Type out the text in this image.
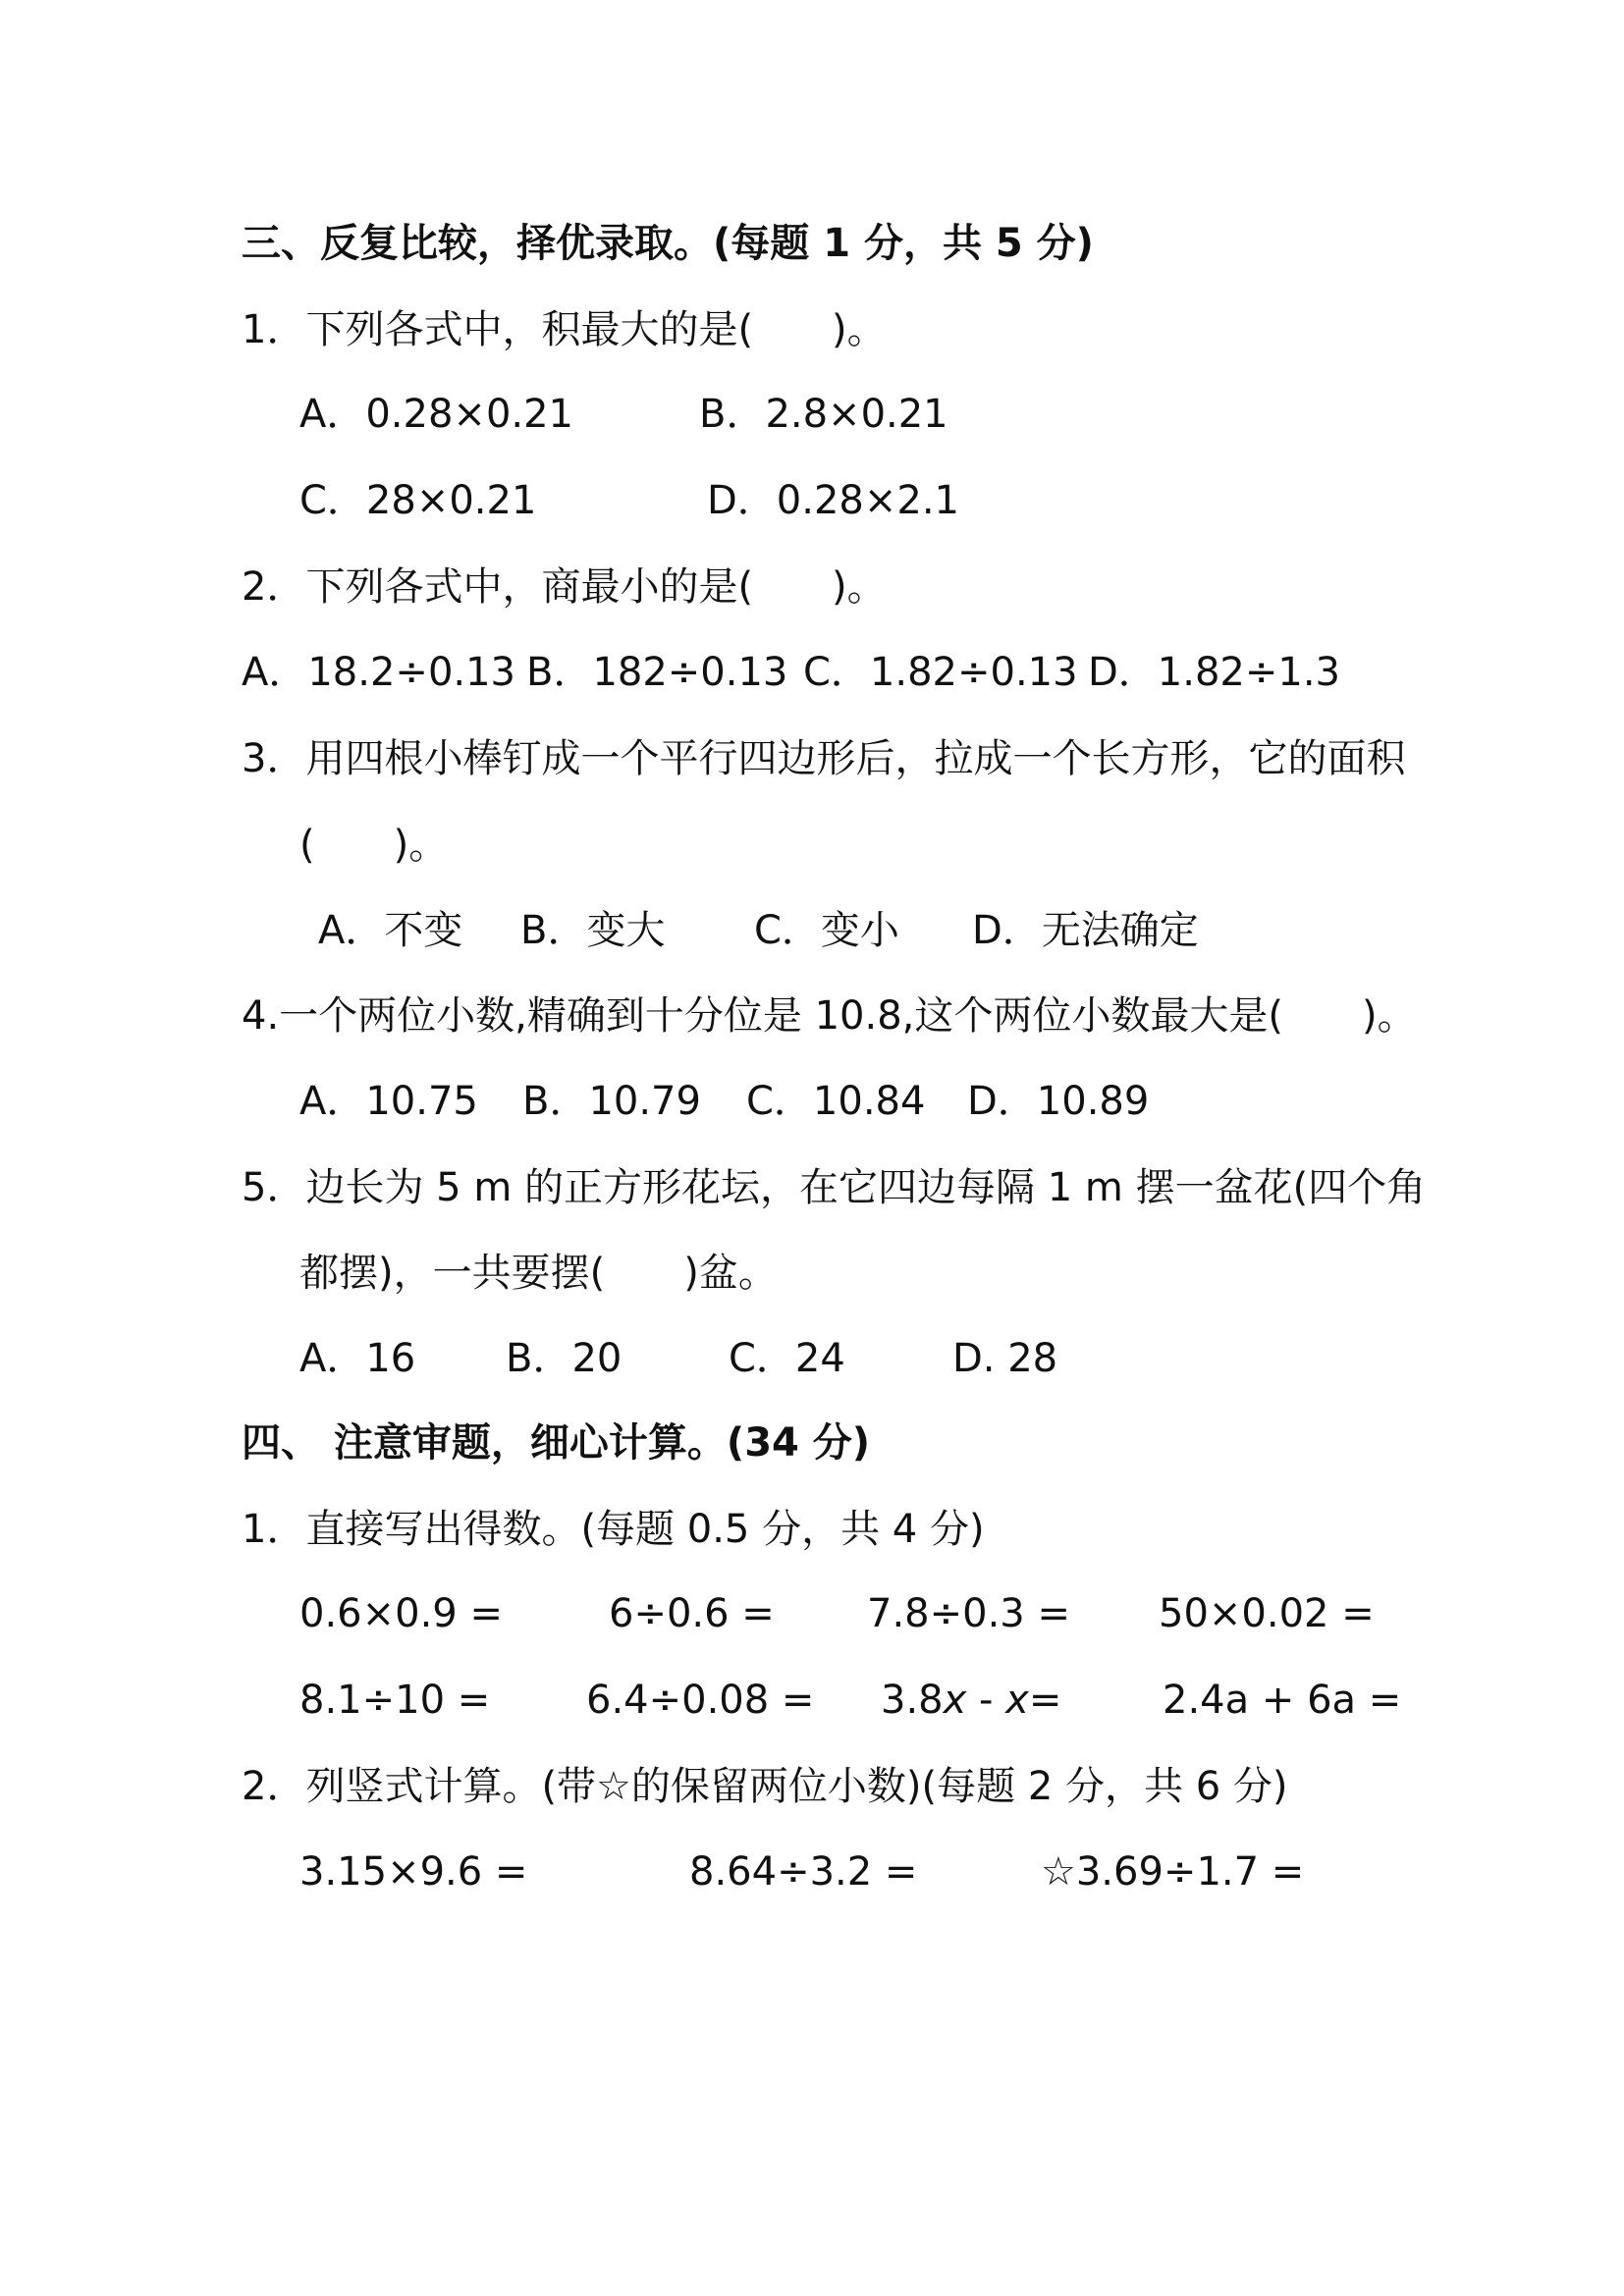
三、反复比较，择优录取。(每题 1 分，共 5 分)
1．下列各式中，积最大的是(　　)。
A．0.28×0.21	B．2.8×0.21
C．28×0.21	D．0.28×2.1
2．下列各式中，商最小的是(　　)。
A．18.2÷0.13 B．182÷0.13 C．1.82÷0.13 D．1.82÷1.3
3．用四根小棒钉成一个平行四边形后，拉成一个长方形，它的面积
(　　)。
A．不变 B．变大 C．变小 D．无法确定
4.一个两位小数,精确到十分位是 10.8,这个两位小数最大是(　　)。
A．10.75 B．10.79 C．10.84 D．10.89
5．边长为 5 m 的正方形花坛，在它四边每隔 1 m 摆一盆花(四个角
都摆)，一共要摆(　　)盆。
A．16 B．20	C．24	D. 28
四、 注意审题，细心计算。(34 分)
1．直接写出得数。(每题 0.5 分，共 4 分)
0.6×0.9 =	6÷0.6 = 7.8÷0.3 = 50×0.02 =
8.1÷10 = 6.4÷0.08 = 3.8x - x=	2.4a + 6a =
2．列竖式计算。(带☆的保留两位小数)(每题 2 分，共 6 分)
3.15×9.6 =	8.64÷3.2 =	☆3.69÷1.7 =
